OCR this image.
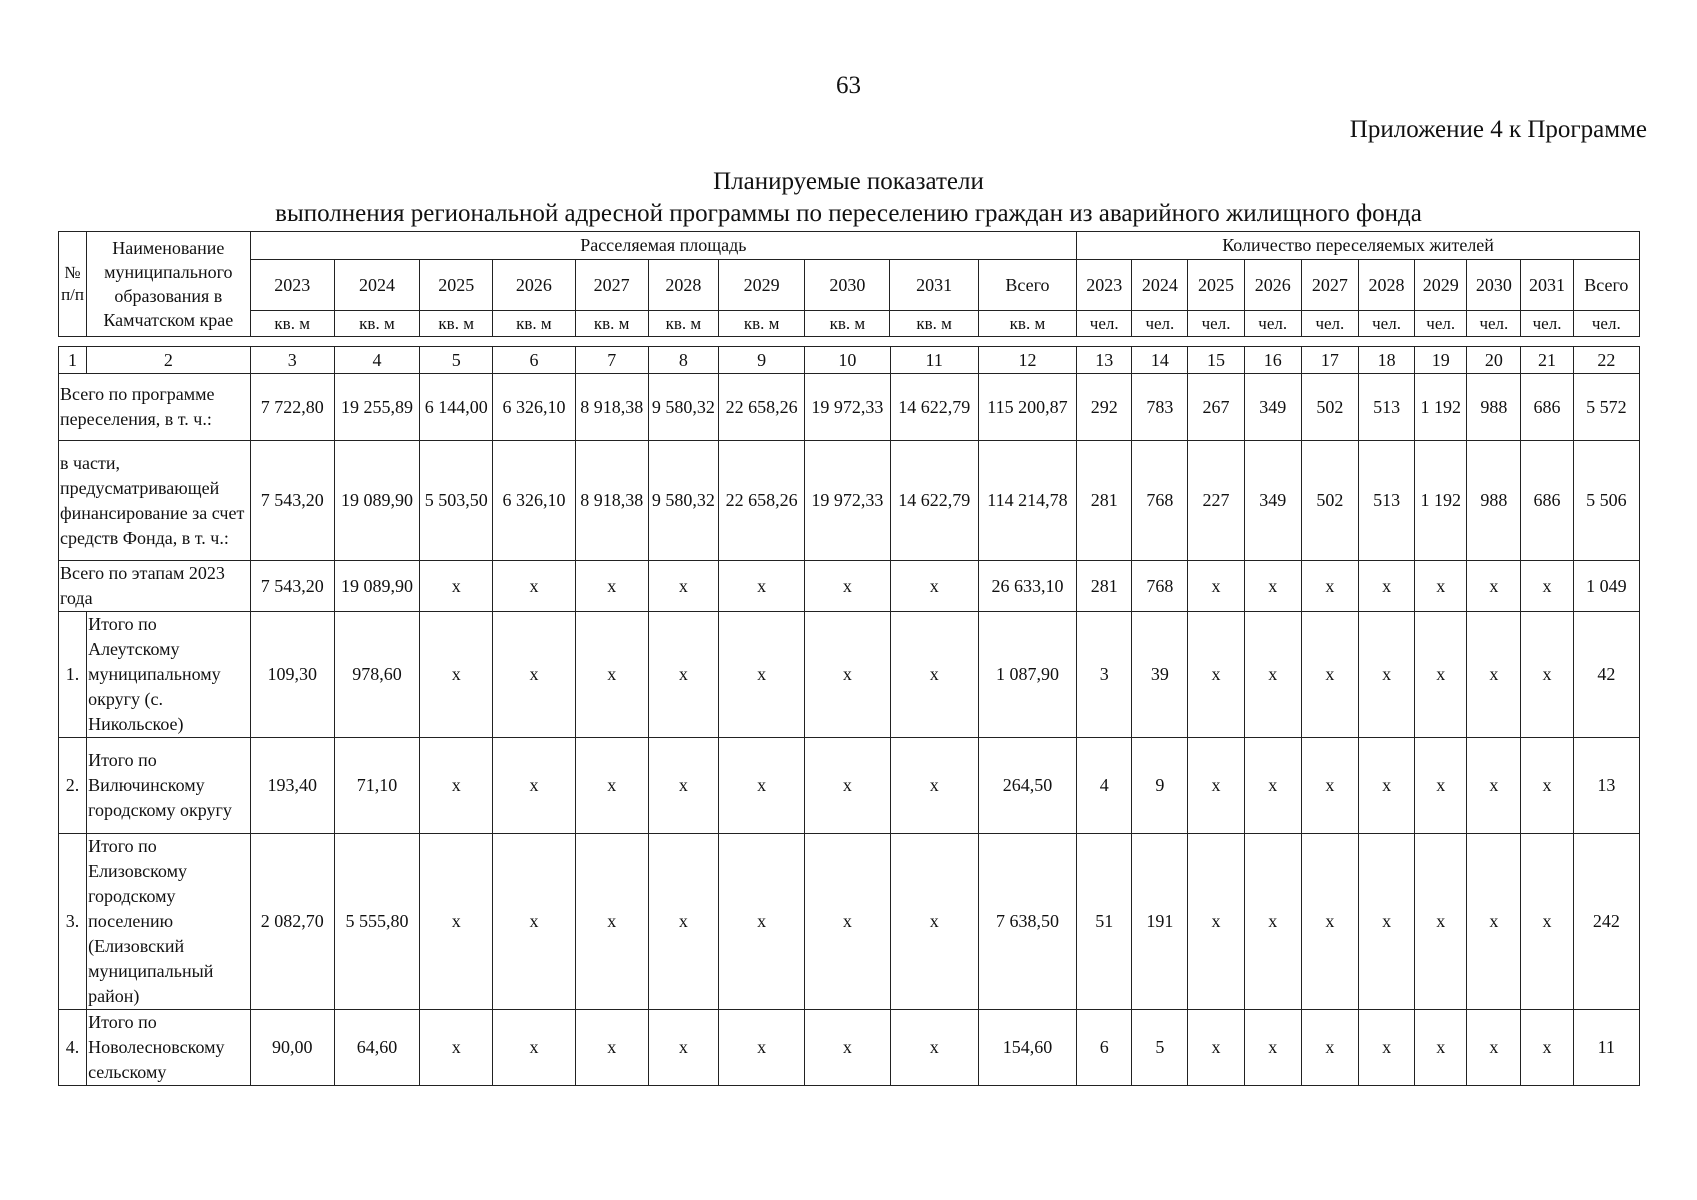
63
Приложение 4 к Программе
Планируемые показатели
выполнения региональной адресной программы по переселению граждан из аварийного жилищного фонда
№ п/п	Наименование муниципального образования в Камчатском крае	Расселяемая площадь										Количество переселяемых жителей									
		2023	2024	2025	2026	2027	2028	2029	2030	2031	Всего	2023	2024	2025	2026	2027	2028	2029	2030	2031	Всего
		кв. м	кв. м	кв. м	кв. м	кв. м	кв. м	кв. м	кв. м	кв. м	кв. м	чел.	чел.	чел.	чел.	чел.	чел.	чел.	чел.	чел.	чел.
1	2	3	4	5	6	7	8	9	10	11	12	13	14	15	16	17	18	19	20	21	22
Всего по программе переселения, в т. ч.:		7 722,80	19 255,89	6 144,00	6 326,10	8 918,38	9 580,32	22 658,26	19 972,33	14 622,79	115 200,87	292	783	267	349	502	513	1 192	988	686	5 572
в части, предусматривающей финансирование за счет средств Фонда, в т. ч.:		7 543,20	19 089,90	5 503,50	6 326,10	8 918,38	9 580,32	22 658,26	19 972,33	14 622,79	114 214,78	281	768	227	349	502	513	1 192	988	686	5 506
Всего по этапам 2023 года		7 543,20	19 089,90	x	x	x	x	x	x	x	26 633,10	281	768	x	x	x	x	x	x	x	1 049
1.	Итого по Алеутскому муниципальному округу (с. Никольское)	109,30	978,60	x	x	x	x	x	x	x	1 087,90	3	39	x	x	x	x	x	x	x	42
2.	Итого по Вилючинскому городскому округу	193,40	71,10	x	x	x	x	x	x	x	264,50	4	9	x	x	x	x	x	x	x	13
3.	Итого по Елизовскому городскому поселению (Елизовский муниципальный район)	2 082,70	5 555,80	x	x	x	x	x	x	x	7 638,50	51	191	x	x	x	x	x	x	x	242
4.	Итого по Новолесновскому сельскому	90,00	64,60	x	x	x	x	x	x	x	154,60	6	5	x	x	x	x	x	x	x	11
